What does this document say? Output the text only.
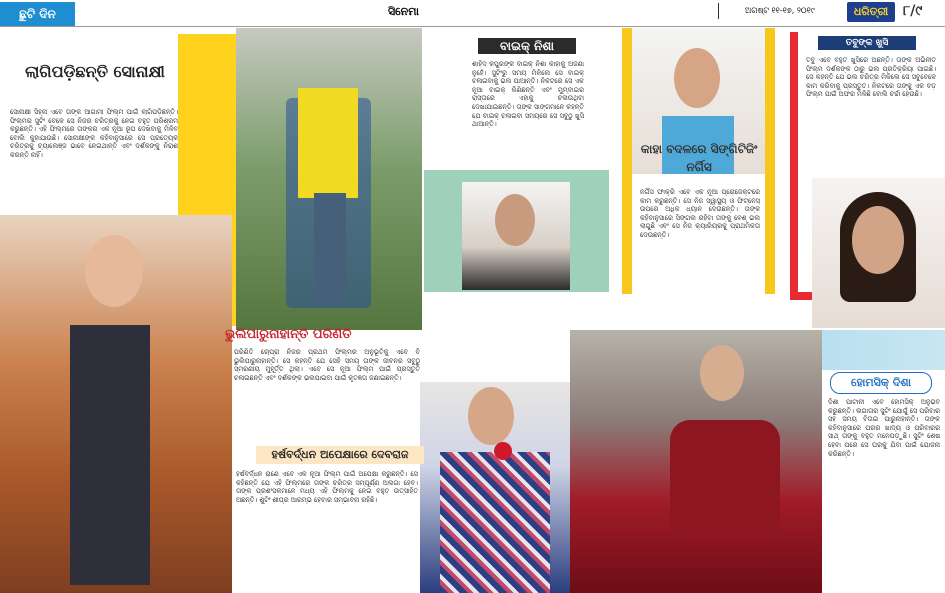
ଛୁଟି ଦିନ	ସିନେମା	ଅଗଷ୍ଟ ୧୧-୧୭, ୨୦୧୯	ଧରିତ୍ରୀ	୮/୯
ଲାଗିପଡ଼ିଛନ୍ତି ସୋନାକ୍ଷୀ
ସୋନାକ୍ଷୀ ସିହ୍ନା ଏବେ ତାଙ୍କ ଆଗାମୀ ଫିଲ୍ମ ପାଇଁ ଲାଗିପଡ଼ିଛନ୍ତି। ଫିଲ୍ମର ସୁଟିଂ ବେଳେ ସେ ନିଜର ଚରିତ୍ରକୁ ନେଇ ବହୁତ ପରିଶ୍ରମ କରୁଛନ୍ତି। ଏହି ଫିଲ୍ମରେ ତାଙ୍କର ଏକ ନୂଆ ରୂପ ଦେଖିବାକୁ ମିଳିବ ବୋଲି କୁହାଯାଉଛି। ସୋନାକ୍ଷୀଙ୍କ କହିବାନୁସାରେ ସେ ପ୍ରତ୍ୟେକ ଚରିତ୍ରକୁ ଚ୍ୟାଲେଞ୍ଜ ଭାବେ ନେଇଥାନ୍ତି ଏବଂ ଦର୍ଶକଙ୍କୁ ନିରାଶ କରନ୍ତି ନାହିଁ।
ବାଇକ୍ ନିଶା
ଶାହିଦ କପୁରଙ୍କ ବାଇକ୍ ନିଶା କାହାକୁ ଅଜଣା ନୁହେଁ। ସୁଟିଂରୁ ସମୟ ମିଳିଲେ ସେ ବାଇକ୍ ଚଳାଇବାକୁ ଭଲ ପାଆନ୍ତି। ନିକଟରେ ସେ ଏକ ନୂଆ ବାଇକ୍ କିଣିଛନ୍ତି ଏବଂ ମୁମ୍ବାଇର ରାସ୍ତାରେ ଏହାକୁ ଚଳାଉଥିବା ଦେଖାଯାଇଛନ୍ତି। ତାଙ୍କ ସାଙ୍ଗମାନେ କହନ୍ତି ଯେ ବାଇକ୍ ଚଳାଇବା ସମୟରେ ସେ ସବୁଠୁ ଖୁସି ଥାଆନ୍ତି।
କାହା ବଦଳରେ ସିଙ୍ଗିଟିଜିଂ ନର୍ଗିସ
ନର୍ଗିସ ଫାକ୍ରି ଏବେ ଏକ ନୂଆ ପ୍ରୋଜେକ୍ଟରେ କାମ କରୁଛନ୍ତି। ସେ ନିଜ ସ୍ୱାସ୍ଥ୍ୟ ଓ ଫିଟ୍‌ନେସ୍ ଉପରେ ଅଧିକ ଧ୍ୟାନ ଦେଉଛନ୍ତି। ତାଙ୍କ କହିବାନୁସାରେ ସିଙ୍ଗଲ ରହିବା ତାଙ୍କୁ ବେଶ୍ ଭଲ ଲାଗୁଛି ଏବଂ ସେ ନିଜ କ୍ୟାରିୟରକୁ ପ୍ରାଥମିକତା ଦେଉଛନ୍ତି।
ତବୁଙ୍କ ଖୁସି
ତବୁ ଏବେ ବହୁତ ଖୁସିରେ ଅଛନ୍ତି। ତାଙ୍କ ଅଭିନୀତ ଫିଲ୍ମ ଦର୍ଶକଙ୍କ ଠାରୁ ଭଲ ପ୍ରତିକ୍ରିୟା ପାଇଛି। ସେ କହନ୍ତି ଯେ ଭଲ ଚରିତ୍ର ମିଳିଲେ ସେ ସବୁବେଳେ କାମ କରିବାକୁ ପ୍ରସ୍ତୁତ। ନିକଟରେ ତାଙ୍କୁ ଏକ ବଡ଼ ଫିଲ୍ମ ପାଇଁ ଅଫର ମିଳିଛି ବୋଲି ଚର୍ଚ୍ଚା ହେଉଛି।
ଭୁଲିପାରୁନାହାନ୍ତି ପରିଣିତି
ପରିଣିତି ଚୋପ୍ରା ନିଜର ପ୍ରଥମ ଫିଲ୍ମର ଅନୁଭୂତିକୁ ଏବେ ବି ଭୁଲିପାରୁନାହାନ୍ତି। ସେ କହନ୍ତି ଯେ ସେହି ସମୟ ତାଙ୍କ ଜୀବନର ସବୁଠୁ ସ୍ମରଣୀୟ ମୁହୂର୍ତ୍ତ ଥିଲା। ଏବେ ସେ ନୂଆ ଫିଲ୍ମ ପାଇଁ ପ୍ରସ୍ତୁତି ଚଳାଇଛନ୍ତି ଏବଂ ଦର୍ଶକଙ୍କ ଭଲପାଇବା ପାଇଁ କୃତଜ୍ଞତା ଜଣାଇଛନ୍ତି।
ହର୍ଷବର୍ଦ୍ଧନ ଅପେକ୍ଷାରେ ଦେବରାଜ
ହର୍ଷବର୍ଦ୍ଧନ ରାଣେ ଏବେ ଏକ ନୂଆ ଫିଲ୍ମ ପାଇଁ ଅପେକ୍ଷା କରୁଛନ୍ତି। ସେ କହିଛନ୍ତି ଯେ ଏହି ଫିଲ୍ମରେ ତାଙ୍କ ଚରିତ୍ର ସମ୍ପୂର୍ଣ୍ଣ ଅଲଗା ହେବ। ତାଙ୍କ ପ୍ରଶଂସକମାନେ ମଧ୍ୟ ଏହି ଫିଲ୍ମକୁ ନେଇ ବହୁତ ଉତ୍ସାହିତ ଅଛନ୍ତି। ଶୁଟିଂ ଶୀଘ୍ର ଆରମ୍ଭ ହେବାର ସମ୍ଭାବନା ରହିଛି।
ହୋମସିକ୍ ଦିଶା
ଦିଶା ପାଟାନୀ ଏବେ ହୋମସିକ୍ ଅନୁଭବ କରୁଛନ୍ତି। ଲଗାତାର ସୁଟିଂ ଯୋଗୁଁ ସେ ପରିବାର ସହ ସମୟ ବିତାଇ ପାରୁନାହାନ୍ତି। ତାଙ୍କ କହିବାନୁସାରେ ଘରର ଖାଦ୍ୟ ଓ ପରିବାରର ସାଥ୍ ତାଙ୍କୁ ବହୁତ ମନେପଡ଼ୁଛି। ସୁଟିଂ ଶେଷ ହେବା ପରେ ସେ ଘରକୁ ଯିବା ପାଇଁ ଯୋଜନା କରିଛନ୍ତି।
